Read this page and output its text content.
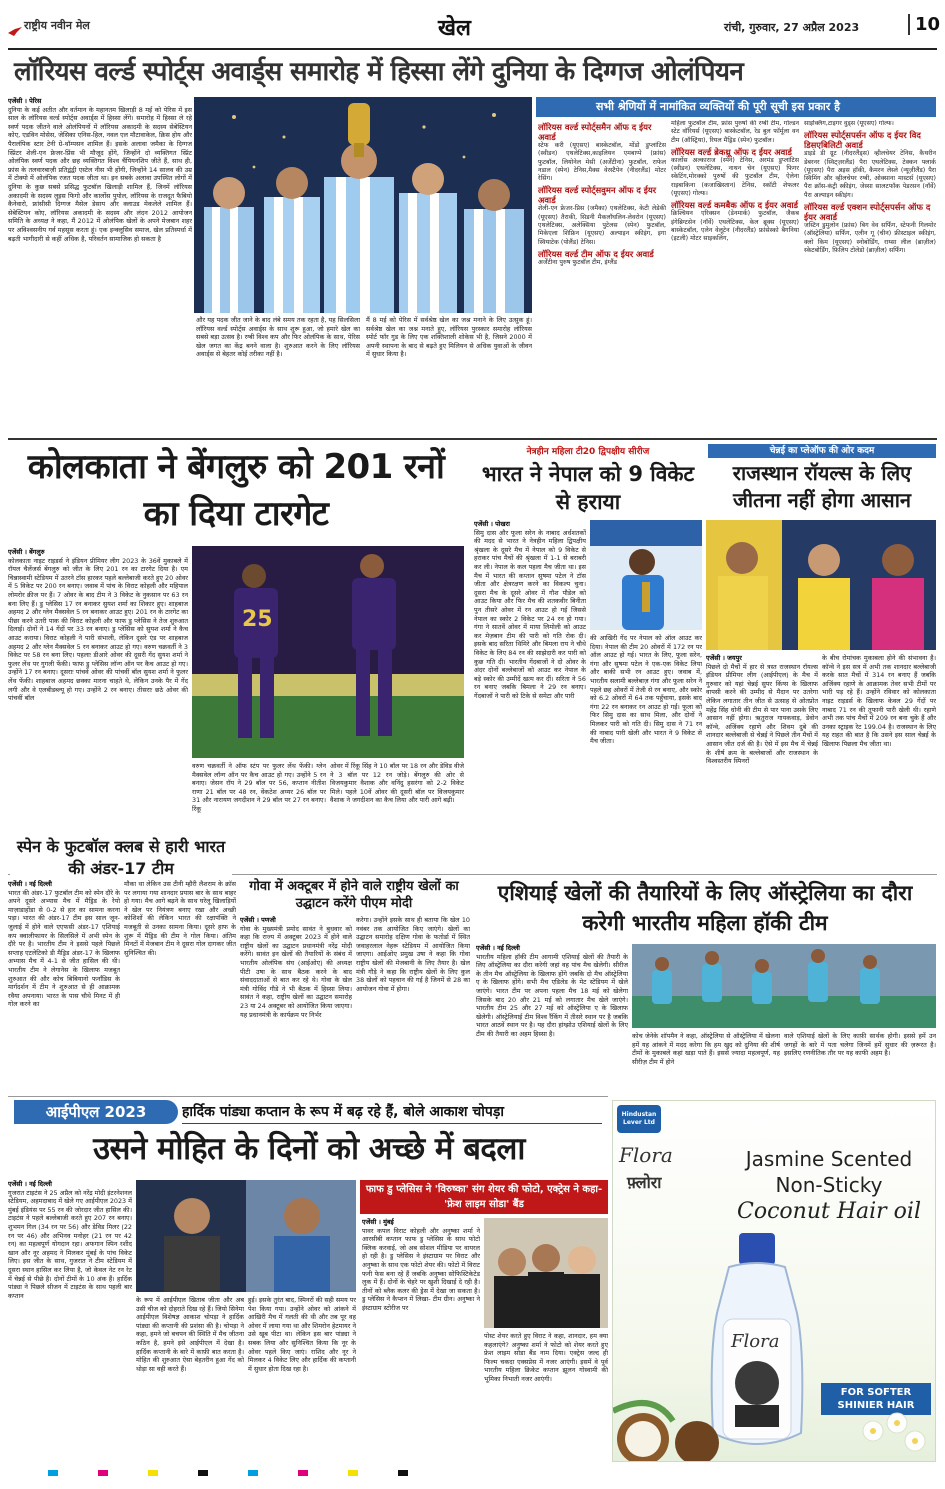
राष्ट्रीय नवीन मेल	खेल	रांची, गुरुवार, 27 अप्रैल 2023	10
लॉरियस वर्ल्ड स्पोर्ट्स अवार्ड्स समारोह में हिस्सा लेंगे दुनिया के दिग्गज ओलंपियन
एजेंसी । पेरिस

दुनिया के कई अतीत और वर्तमान के महानतम खिलाड़ी 8 मई को पेरिस में इस साल के लॉरियस वर्ल्ड स्पोर्ट्स अवार्ड्स में हिस्सा लेंगे। समारोह में हिस्सा ले रहे स्वर्ण पदक जीतने वाले ओलंपियनों में लॉरियस अकादमी के सदस्य सेबेस्टियन कोए, एडविन मोसेस, जेसिका एनिस-हिल, नवल एल मौटावाकेल, क्रिस होय और पैरालंपिक स्टार टेनी ग्रे-थॉम्पसन शामिल हैं। इसके अलावा जमैका के दिग्गज स्प्रिंटर शेली-एन फ्रेजर-प्रिंस भी मौजूद होंगे, जिन्होंने दो व्यक्तिगत स्प्रिंट ओलंपिक स्वर्ण पदक और छह व्यक्तिगत विश्व चैंपियनशिप जीते हैं, साथ ही, फ्रांस के तलवारबाज़ी प्रतिद्वंद्वी एस्टेल नीस भी होंगी, जिन्होंने 14 सालव की उम्र में टोक्यो में ओलंपिक रजत पदक जीता था। इन सबके अलावा उपस्थित लोगों में दुनिया के कुछ सबसे प्रसिद्ध फुटबॉल खिलाड़ी शामिल हैं, जिनमें लॉरियस अकादमी के सदस्य लुइस फिगो और कार्लोस पुयोल, लॉरियस के राजदूत फैबियो कैनेवारो, फ्रांसीसी दिग्गज मैसेल डेसाय और क्लाउड मेकलेले शामिल हैं। सेबेस्टियन कोए, लॉरियस अकादमी के सदस्य और लंदन 2012 आयोजन समिति के अध्यक्ष ने कहा, मैं 2012 में ओलंपिक खेलों के अपने मेजबान शहर पर अविश्वसनीय गर्व महसूस करता हूं। एक इन्क्लूसिव समाज, खेल प्रतिस्पर्धा में बढ़ती भागीदारी से कहीं अधिक है, परिवर्तन सामाजिक हो सकता है

और यह पदक जीत जाने के बाद लंबे समय तक रहता है, यह सिलसिला लॉरियस वर्ल्ड स्पोर्ट्स अवार्ड्स के साथ शुरू हुआ, जो हमारे खेल का सबसे बड़ा उत्सव है। रग्बी विश्व कप और फिर ओलंपिक के साथ, पेरिस खेल जगत का केंद्र बनने वाला है। शुरुआत करने के लिए लॉरियस अवार्ड्स से बेहतर कोई तरीका नहीं है।
मैं 8 मई को पेरिस में सर्वश्रेष्ठ खेल का जश्न मनाने के लिए उत्सुक हूं। सर्वश्रेष्ठ खेल का जश्न मनाते हुए, लॉरियस पुरस्कार समारोह लॉरियस स्पोर्ट फॉर गुड के लिए एक शक्तिशाली शोकेस भी है, जिसने 2000 में अपनी स्थापना के बाद से बढ़ते हुए मिलियन से अधिक युवाओं के जीवन में सुधार किया है।
सभी श्रेणियों में नामांकित व्यक्तियों की पूरी सूची इस प्रकार है
लॉरियस वर्ल्ड स्पोर्ट्समैन ऑफ द ईयर अवार्ड
स्टेफ करी (यूएसए) बास्केटबॉल, मोंडो डुप्लांटिस (स्वीडन) एथलेटिक्स,काइलियन एमबाप्पे (फ्रांस) फुटबॉल, लियोनेल मेसी (अर्जेंटीना) फुटबॉल, राफेल नडाल (स्पेन) टेनिस,मैक्स वेरस्टैपेन (नीदरलैंड) मोटर रेसिंग।
लॉरियस वर्ल्ड स्पोर्ट्सवुमन ऑफ द ईयर अवार्ड
शेली-एन फ्रेजर-प्रिस (जमैका) एथलेटिक्स, केटी लेडेकी (यूएसए) तैराकी, सिडनी मैकलॉघलिन-लेवरोन (यूएसए) एथलेटिक्स, अलेक्सिया पुटेलस (स्पेन) फुटबॉल, मिकेएला शिफ्रिन (यूएसए) अल्पाइन स्कीइंग, इगा स्वियाटेक (पोलैंड) टेनिस।
लॉरियस वर्ल्ड टीम ऑफ द ईयर अवार्ड
अर्जेंटीना पुरुष फुटबॉल टीम, इंग्लैंड
महिला फुटबॉल टीम, फ्रांस पुरुषों की रग्बी टीम, गोल्डन स्टेट वॉरियर्स (यूएसए) बास्केटबॉल, रेड बुल फॉर्मूला वन टीम (ऑस्ट्रिया), रियल मैड्रिड (स्पेन) फुटबॉल।
लॉरियस वर्ल्ड ब्रेकथ्रू ऑफ द ईयर अवार्ड
कार्लोस अल्काराज (स्पेन) टेनिस, अरमंड डुप्लांटिस (स्वीडन) एथलेटिक्स, नाथन चेन (यूएसए) फिगर स्केटिंग,मोरक्को पुरुषों की फुटबॉल टीम, ऐलेना राइबाकिना (कजाखिस्तान) टेनिस, स्कॉटी शेफलर (यूएसए) गोल्फ।
लॉरियस वर्ल्ड कमबैक ऑफ द ईयर अवार्ड
क्रिश्चियन एरिक्सन (डेनमार्क) फुटबॉल, जैकब इंगेब्रिग्टसेन (नॉर्वे) एथलेटिक्स, केल ब्रूक्स (यूएसए) बास्केटबॉल, एलेन वेलूटेन (नीदरलैंड) फ्रांसेस्को बैगनिया (इटली) मोटर साइकलिंग,
साइक्लिंग,टाइगर वुड्स (यूएसए) गोल्फ।
लॉरियस स्पोर्ट्सपर्सन ऑफ द ईयर विद डिसएबिलिटी अवार्ड
डाइडे डी ग्रूट (नीदरलैंड्स) व्हीलचेयर टेनिस, कैथरीन डेबरनर (स्विट्ज़रलैंड) पैरा एथलेटिक्स, टेक्कन फ्लार्क (यूएसए) पैरा अइस हॉकी, कैमरन लेस्ले (न्यूज़ीलैंड) पैरा स्विमिंग और व्हीलचेयर रग्बी, ओक्साना मास्टर्स (यूएसए) पैरा क्रॉस-कंट्री स्कीइंग, जेस्सा सालटफॉक पेडरसन (नॉर्वे) पैरा अल्पाइन स्कीइंग।
लॉरियस वर्ल्ड एक्शन स्पोर्ट्सपर्सन ऑफ द ईयर अवार्ड
जस्टिन डुमुलोन (फ्रांस) बिग वेव सर्फिंग, स्टेफनी गिलमोर (ऑस्ट्रेलिया) सर्फिंग, एलीन गू (चीन) फ्रीस्टाइल स्कीइंग, क्लो किम (यूएसए) स्नोबोर्डिंग, राय्सा लील (ब्राज़ील) स्केटबोर्डिंग, फ़िलिप टोलेडो (ब्राज़ील) सर्फिंग।
कोलकाता ने बेंगलुरु को 201 रनों का दिया टारगेट
एजेंसी । बेंगलुरु

कोलकाता नाइट राइडर्स ने इंडियन प्रीमियर लीग 2023 के 36वें मुकाबले में रॉयल चैलेंजर्स बेंगलुरु को जीत के लिए 201 रन का टारगेट दिया है। एम चिन्नास्वामी स्टेडियम में उतरने टॉस हारकर पहले बल्लेबाजी करते हुए 20 ओवर में 5 विकेट पर 200 रन बनाए। जवाब में पांच के विराट कोहली और महिपाल लोमरोर क्रीज पर हैं। 7 ओवर के बाद टीम ने 3 विकेट के नुकसान पर 63 रन बना लिए हैं। डु प्लेसिस 17 रन बनाकर सुयश शर्मा का शिकार हुए। शाहबाज अहमद 2 और ग्लेन मैक्सवेल 5 रन बनाकर आउट हुए। 201 रन के टारगेट का पीछा करने उतरी पाक की विराट कोहली और फाफ डु प्लेसिस ने तेज शुरुआत दिलाई। दोनों ने 14 गेंदों पर 33 रन बनाए। डु प्लेसिस को सुयश शर्मा ने कैच आउट कराया। विराट कोहली ने पारी संभाली, लेकिन दूसरे एंड पर शाहबाज अहमद 2 और ग्लेन मैक्सवेल 5 रन बनाकर आउट हो गए। वरुण चक्रवर्ती ने 3 विकेट पर 58 रन बना लिए। पहलाः डीआरे ओवर की दूसरी गेंद सुयश शर्मा ने फुलर लेंथ पर गुगली फेंकी। फाफ डु प्लेसिस लॉन्ग ऑन पर कैच आउट हो गए। उन्होंने 17 रन बनाए। दूसराः पांचवें ओवर की पांचवीं बॉल सुयश शर्मा ने फुलर लेंथ फेंकी। शाहबाज अहमद छक्का मारना चाहते थे, लेकिन उनके पैर में गेंद लगी और वे एलबीडब्ल्यू हो गए। उन्होंने 2 रन बनाए। तीसराः छठे ओवर की पांचवीं बॉल

25
वरुण चक्रवर्ती ने ऑफ स्टंप पर फुलर लेंथ फेंकी। ग्लेन मैक्सवेल लॉन्ग ऑन पर कैच आउट हो गए। उन्होंने 5 रन बनाए। जेसन रॉय ने 29 बॉल पर 56, कप्तान नीतीश राणा 21 बॉल पर 48 रन, वेंकटेश अय्यर 26 बॉल पर 31 और नारायण जगदीशन ने 29 बॉल पर 27 रन बनाए। रिंकू
ओवर में रिंकू सिंह ने 10 बॉल पर 18 रन और डेविड वीजे ने 3 बॉल पर 12 रन जोड़े। बेंगलुरु की ओर से विजयकुमार वैशाक और वनिंदु हसरंगा को 2-2 विकेट मिले। पहले 10वें ओवर की दूसरी बॉल पर विजयकुमार वैशाक ने जगदीशन का कैच लिया और पारी आगे बढ़ी।
नेत्रहीन महिला टी20 द्विपक्षीय सीरीज
भारत ने नेपाल को 9 विकेट से हराया
एजेंसी । पोखरा

सिमु दास और फूला सरेन के नाबाद अर्धशतकों की मदद से भारत ने नेत्रहीन महिला द्विपक्षीय श्रृंखला के दूसरे मैच में नेपाल को 9 विकेट से हराकर पांच मैचों की श्रृंखला में 1-1 से बराबरी कर ली। नेपाल के कल पहला मैच जीता था। इस मैच में भारत की कप्तान सुषमा पटेल ने टॉस जीता और क्षेत्ररक्षण करने का विकल्प चुना। दूसरा मैच के दूसरे ओवर में गौश पौडेल को आउट किया और फिर मैच की शतकवीर बिनीता पुन तीसरे ओवर में रन आउट हो गई जिससे नेपाल का स्कोर 2 विकेट पर 24 रन हो गया। गंगा ने सातवें ओवर में माया लिमोली को आउट कर मेज़बान टीम की पारी को गति रोक दी। इसके बाद सरिता थिमिरे और बिमला राय ने चौथे विकेट के लिए 84 रन की साझेदारी कर पारी को कुछ गति दी। भारतीय गेंदबाजों ने दो ओवर के अंदर दोनों बल्लेबाजों को आउट कर नेपाल के बड़े स्कोर की उम्मीदें खत्म कर दीं। सरिता ने 56 रन बनाए जबकि बिमला ने 29 रन बनाए। गेंदबाजों ने पारी को टिके से समेटा और पारी

की आखिरी गेंद पर नेपाल को ऑल आउट कर दिया। नेपाल की टीम 20 ओवरों में 172 रन पर ऑल आउट हो गई। भारत के लिए, फूला सरेन, गंगा और सुषमा पटेल ने एक-एक विकेट लिया और बाकी सभी रन आउट हुए। जवाब में, भारतीय सलामी बल्लेबाज़ गंगा और फूला सरेन ने पहले छह ओवरों में तेजी से रन बनाए, और स्कोर को 6.2 ओवरों में 64 तक पहुँचाया, इसके बाद गंगा 22 रन बनाकर रन आउट हो गईं। फूला को फिर सिमु दास का साथ मिला, और दोनों ने मिलकर पारी को गति दी। सिमु दास ने 71 रन की नाबाद पारी खेली और भारत ने 9 विकेट से मैच जीता।
चेन्नई का प्लेऑफ की ओर कदम
राजस्थान रॉयल्स के लिए जीतना नहीं होगा आसान
एजेंसी । जयपुर

पिछले दो मैचों में हार से त्रस्त राजस्थान रॉयल्स इंडियन प्रीमियर लीग (आईपीएल) के मैच में गुरुवार को यहां चेन्नई सुपर किंग्स के खिलाफ वापसी करने की उम्मीद से मैदान पर उतरेगा लेकिन लगातार तीन जीत से उत्साह से ओतप्रोत महेंद्र सिंह धोनी की टीम से पार पाना उसके लिए आसान नहीं होगा। ऋतुराज गायकवाड़, डेवोन कॉन्वे, अजिंक्य रहाणे और शिवम दुबे की शानदार बल्लेबाजी से चेन्नई ने पिछले तीन मैचों में आसान जीत दर्ज की है। ऐसे में इस मैच में चेन्नई के शीर्ष क्रम के बल्लेबाजों और राजस्थान के विश्वस्तरीय स्पिनरों

के बीच रोमांचक मुकाबला होने की संभावना है। कॉन्वे ने इस सत्र में अभी तक शानदार बल्लेबाजी करके सात मैचों में 314 रन बनाए हैं जबकि अजिंक्य रहाणे के आक्रामक तेवर सभी टीमों पर भारी पड़ रहे हैं। उन्होंने रविवार को कोलकाता नाइट राइडर्स के खिलाफ केवल 29 गेंदों पर नाबाद 71 रन की तूफानी पारी खेली थी। रहाणे अभी तक पांच मैचों में 209 रन बना चुके हैं और उनका स्ट्राइक रेट 199.04 है। राजस्थान के लिए यह राहत की बात है कि उसने इस साल चेन्नई के खिलाफ पिछला मैच जीता था।
स्पेन के फुटबॉल क्लब से हारी भारत की अंडर-17 टीम
एजेंसी । नई दिल्ली

भारत की अंडर-17 फुटबॉल टीम को स्पेन दौरे के अपने दूसरे अभ्यास मैच में मैड्रिड के रेयो माज़ाडाहोंडा से 0-2 से हार का सामना करना पड़ा। भारत की अंडर-17 टीम इस साल जून-जुलाई में होने वाले एएफसी अंडर-17 एशियाई कप क्वालीफायर के सिलसिले में अभी स्पेन के दौरे पर है। भारतीय टीम ने इससे पहले पिछले सप्ताह एटलेटिको डी मैड्रिड अंडर-17 के खिलाफ अभ्यास मैच में 4-1 से जीत हासिल की थी। भारतीय टीम ने लेगानेस के खिलाफ मजबूत शुरुआत की और कोच बिबियानो फर्नांडिस के मार्गदर्शन में टीम ने शुरुआत से ही आक्रामक रवैया अपनाया। भारत के पास चौथे मिनट में ही गोल करने का

मौका था लेकिन उस टीनी म्हौरी लैशराम के क्रॉस पर लगाया गया शानदार प्रयास बार के साथ बाहर हो गया। मैच आगे बढ़ने के साथ घरेलू खिलाड़ियों ने खेल पर नियंत्रण बनाए रखा और अच्छी कोशिशों की लेकिन भारत की रक्षापंक्ति ने मजबूती से उनका सामना किया। दूसरे हाफ के शुरू में मैड्रिड की टीम ने गोल किया। अंतिम मिनटों में मेजबान टीम ने दूसरा गोल दागकर जीत सुनिश्चित की।
गोवा में अक्टूबर में होने वाले राष्ट्रीय खेलों का उद्घाटन करेंगे पीएम मोदी
एजेंसी । पणजी

गोवा के मुख्यमंत्री प्रमोद सावंत ने बुधवार को कहा कि राज्य में अक्टूबर 2023 में होने वाले राष्ट्रीय खेलों का उद्घाटन प्रधानमंत्री नरेंद्र मोदी करेंगे। सावंत इन खेलों की तैयारियों के संबंध में भारतीय ओलंपिक संघ (आईओए) की अध्यक्ष पीटी उषा के साथ बैठक करने के बाद संवाददाताओं से बात कर रहे थे। गोवा के खेल मंत्री गोविंद गौडे ने भी बैठक में हिस्सा लिया। सावंत ने कहा, राष्ट्रीय खेलों का उद्घाटन समारोह 23 या 24 अक्टूबर को आयोजित किया जाएगा। यह प्रधानमंत्री के कार्यक्रम पर निर्भर

करेगा। उन्होंने इसके साथ ही बताया कि खेल 10 नवंबर तक आयोजित किए जाएंगे। खेलों का उद्घाटन समारोह दक्षिण गोवा के फतोर्डा में स्थित जवाहरलाल नेहरू स्टेडियम में आयोजित किया जाएगा। आईओए प्रमुख उषा ने कहा कि गोवा राष्ट्रीय खेलों की मेजबानी के लिए तैयार है। खेल मंत्री गौड़े ने कहा कि राष्ट्रीय खेलों के लिए कुल 38 खेलों को पहचान की गई है जिनमें से 28 का आयोजन गोवा में होगा।
एशियाई खेलों की तैयारियों के लिए ऑस्ट्रेलिया का दौरा करेगी भारतीय महिला हॉकी टीम
एजेंसी । नई दिल्ली

भारतीय महिला हॉकी टीम आगामी एशियाई खेलों की तैयारी के लिए ऑस्ट्रेलिया का दौरा करेगी जहां वह पांच मैच खेलेगी। सीरीज के तीन मैच ऑस्ट्रेलिया के खिलाफ होंगे जबकि दो मैच ऑस्ट्रेलिया ए के खिलाफ होंगे। सभी मैच एडिलेड के मेट स्टेडियम में खेले जाएंगे। भारत टीम पर अपना पहला मैच 18 मई को खेलेगा जिसके बाद 20 और 21 मई को लगातार मैच खेले जाएंगे। भारतीय टीम 25 और 27 मई को ऑस्ट्रेलिया ए के खिलाफ खेलेगी। ऑस्ट्रेलियाई टीम विश्व रैंकिंग में तीसरे स्थान पर है जबकि भारत आठवें स्थान पर है। यह दौरा हांग्झोउ एशियाई खेलों के लिए टीम की तैयारी का अहम हिस्सा है।	कोच जेनेके शॉपमैन ने कहा, ऑस्ट्रेलिया से ऑस्ट्रेलिया में खेलना हमें यह आंकने में मदद करेगा कि हम खुद को दुनिया की शीर्ष टीमों के मुकाबले कहां खड़ा पाते हैं। इससे ज्यादा महत्वपूर्ण, यह सीरीज़ टीम में होने
वाले एशियाई खेलों के लिए काफ़ी सार्थक होगी। इससे हमें उन जगहों के बारे में पता चलेगा जिनमें हमें सुधार की ज़रूरत है। इसलिए रणनीतिक तौर पर यह काफी अहम है।
आईपीएल 2023	हार्दिक पांड्या कप्तान के रूप में बढ़ रहे हैं, बोले आकाश चोपड़ा
उसने मोहित के दिनों को अच्छे में बदला
एजेंसी । नई दिल्ली

गुजरात टाइटंस ने 25 अप्रैल को नरेंद्र मोदी इंटरनेशनल स्टेडियम, अहमदाबाद में खेले गए आईपीएल 2023 में मुंबई इंडियंस पर 55 रन की जोरदार जीत हासिल की। टाइटंस ने पहले बल्लेबाजी करते हुए 207 रन बनाए। शुभमन गिल (34 रन पर 56) और डेविड मिलर (22 रन पर 46) और अभिनव मनोहर (21 रन पर 42 रन) का महत्वपूर्ण योगदान रहा। अफगान स्पिन रशीद खान और नूर अहमद ने मिलकर मुंबई के पांच विकेट लिए। इस जीत के साथ, गुजरात ने टीम स्टेडियम में दूसरा स्थान हासिल कर लिया है, जो केवल नेट रन रेट में चेन्नई से पीछे है। दोनों टीमों के 10 अंक हैं। हार्दिक पांड्या ने पिछले सीजन में टाइटंस के साथ पहली बार कप्तान

के रूप में आईपीएल खिताब जीता और अब उसी चीज को दोहराते दिख रहे हैं। जियो सिनेमा आईपीएल विशेषज्ञ आकाश चोपड़ा ने हार्दिक पांड्या की कप्तानी की प्रशंसा की है। चोपड़ा ने कहा, हमने जो बचपन की स्थिति में मैच जीतना कठिन है, हमने इसे आईपीएल में देखा है। हार्दिक कप्तानी के बारे में काफ़ी बात करता है। मोहित की शुरुआत ऐसा बेहतरीन हुआ गेंद को थोड़ा सा वही करते हैं।
हुई। इसके तुरंत बाद, स्पिनरों की सही समय पर पेश किया गया। उन्होंने ओवर को आंकने में आखिरी मैच में गलती की थी और तब पूर वह ओवर में लाया गया था और शिमरोन हेटमायर ने उसे खूब पीटा था। लेकिन इस बार पांड्या ने सबक लिया और सुनिश्चित किया कि नूर के ओवर पहले किए जाएं। राशिद और नूर ने मिलकर 4 विकेट लिए और हार्दिक की कप्तानी में सुधार होता दिख रहा है।
फाफ डु प्लेसिस ने 'विरुष्का' संग शेयर की फोटो, एक्ट्रेस ने कहा- 'फ्रेश लाइम सोडा' बैंड
एजेंसी । मुंबई

पावर कपल विराट कोहली और अनुष्का शर्मा ने आरसीबी कप्तान फाफ डु प्लेसिस के साथ फोटो क्लिक करवाई, जो अब सोशल मीडिया पर वायरल हो रही है। डु प्लेसिस ने इंस्टाग्राम पर विराट और अनुष्का के साथ एक फोटो शेयर की। फोटो में विराट फनी फेस बना रहे हैं जबकि अनुष्का सोफिस्टिकेटेड लुक में हैं। दोनों के चेहरे पर खुशी दिखाई दे रही है। तीनों को ब्लैक कलर की ड्रेस में देखा जा सकता है। डु प्लेसिस ने कैप्शन में लिखा- टीम ग्रीन। अनुष्का ने इंस्टाग्राम स्टोरीज पर

पोस्ट शेयर करते हुए विराट ने कहा, शानदार, हम क्या कहलाएंगे? अनुष्का शर्मा ने फोटो को शेयर करते हुए फ्रेश लाइम सोडा बैंड नाम दिया। एक्ट्रेस जल्द ही फिल्म चकदा एक्सप्रेस में नजर आएंगी। इसमें वे पूर्व भारतीय महिला क्रिकेट कप्तान झूलन गोस्वामी की भूमिका निभाती नजर आएंगी।
Hindustan Lever Ltd
Flora
फ़्लोरा
Jasmine Scented
Non-Sticky
Coconut Hair oil
Flora
FOR SOFTER SHINIER HAIR
